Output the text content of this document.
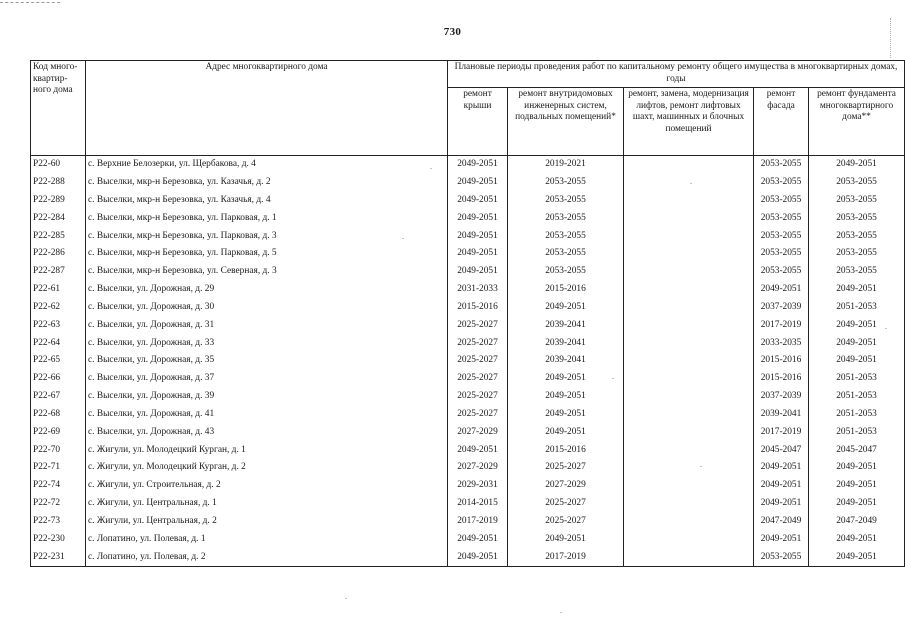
730
Код много-квартир-ного дома	Адрес многоквартирного дома	Плановые периоды проведения работ по капитальному ремонту общего имущества в многоквартирных домах, годы				
		ремонт крыши	ремонт внутридомовых инженерных систем, подвальных помещений*	ремонт, замена, модернизация лифтов, ремонт лифтовых шахт, машинных и блочных помещений	ремонт фасада	ремонт фундамента многоквартирного дома**
Р22-60	с. Верхние Белозерки, ул. Щербакова, д. 4	2049-2051	2019-2021		2053-2055	2049-2051
Р22-288	с. Выселки, мкр-н Березовка, ул. Казачья, д. 2	2049-2051	2053-2055		2053-2055	2053-2055
Р22-289	с. Выселки, мкр-н Березовка, ул. Казачья, д. 4	2049-2051	2053-2055		2053-2055	2053-2055
Р22-284	с. Выселки, мкр-н Березовка, ул. Парковая, д. 1	2049-2051	2053-2055		2053-2055	2053-2055
Р22-285	с. Выселки, мкр-н Березовка, ул. Парковая, д. 3	2049-2051	2053-2055		2053-2055	2053-2055
Р22-286	с. Выселки, мкр-н Березовка, ул. Парковая, д. 5	2049-2051	2053-2055		2053-2055	2053-2055
Р22-287	с. Выселки, мкр-н Березовка, ул. Северная, д. 3	2049-2051	2053-2055		2053-2055	2053-2055
Р22-61	с. Выселки, ул. Дорожная, д. 29	2031-2033	2015-2016		2049-2051	2049-2051
Р22-62	с. Выселки, ул. Дорожная, д. 30	2015-2016	2049-2051		2037-2039	2051-2053
Р22-63	с. Выселки, ул. Дорожная, д. 31	2025-2027	2039-2041		2017-2019	2049-2051
Р22-64	с. Выселки, ул. Дорожная, д. 33	2025-2027	2039-2041		2033-2035	2049-2051
Р22-65	с. Выселки, ул. Дорожная, д. 35	2025-2027	2039-2041		2015-2016	2049-2051
Р22-66	с. Выселки, ул. Дорожная, д. 37	2025-2027	2049-2051		2015-2016	2051-2053
Р22-67	с. Выселки, ул. Дорожная, д. 39	2025-2027	2049-2051		2037-2039	2051-2053
Р22-68	с. Выселки, ул. Дорожная, д. 41	2025-2027	2049-2051		2039-2041	2051-2053
Р22-69	с. Выселки, ул. Дорожная, д. 43	2027-2029	2049-2051		2017-2019	2051-2053
Р22-70	с. Жигули, ул. Молодецкий Курган, д. 1	2049-2051	2015-2016		2045-2047	2045-2047
Р22-71	с. Жигули, ул. Молодецкий Курган, д. 2	2027-2029	2025-2027		2049-2051	2049-2051
Р22-74	с. Жигули, ул. Строительная, д. 2	2029-2031	2027-2029		2049-2051	2049-2051
Р22-72	с. Жигули, ул. Центральная, д. 1	2014-2015	2025-2027		2049-2051	2049-2051
Р22-73	с. Жигули, ул. Центральная, д. 2	2017-2019	2025-2027		2047-2049	2047-2049
Р22-230	с. Лопатино, ул. Полевая, д. 1	2049-2051	2049-2051		2049-2051	2049-2051
Р22-231	с. Лопатино, ул. Полевая, д. 2	2049-2051	2017-2019		2053-2055	2049-2051
